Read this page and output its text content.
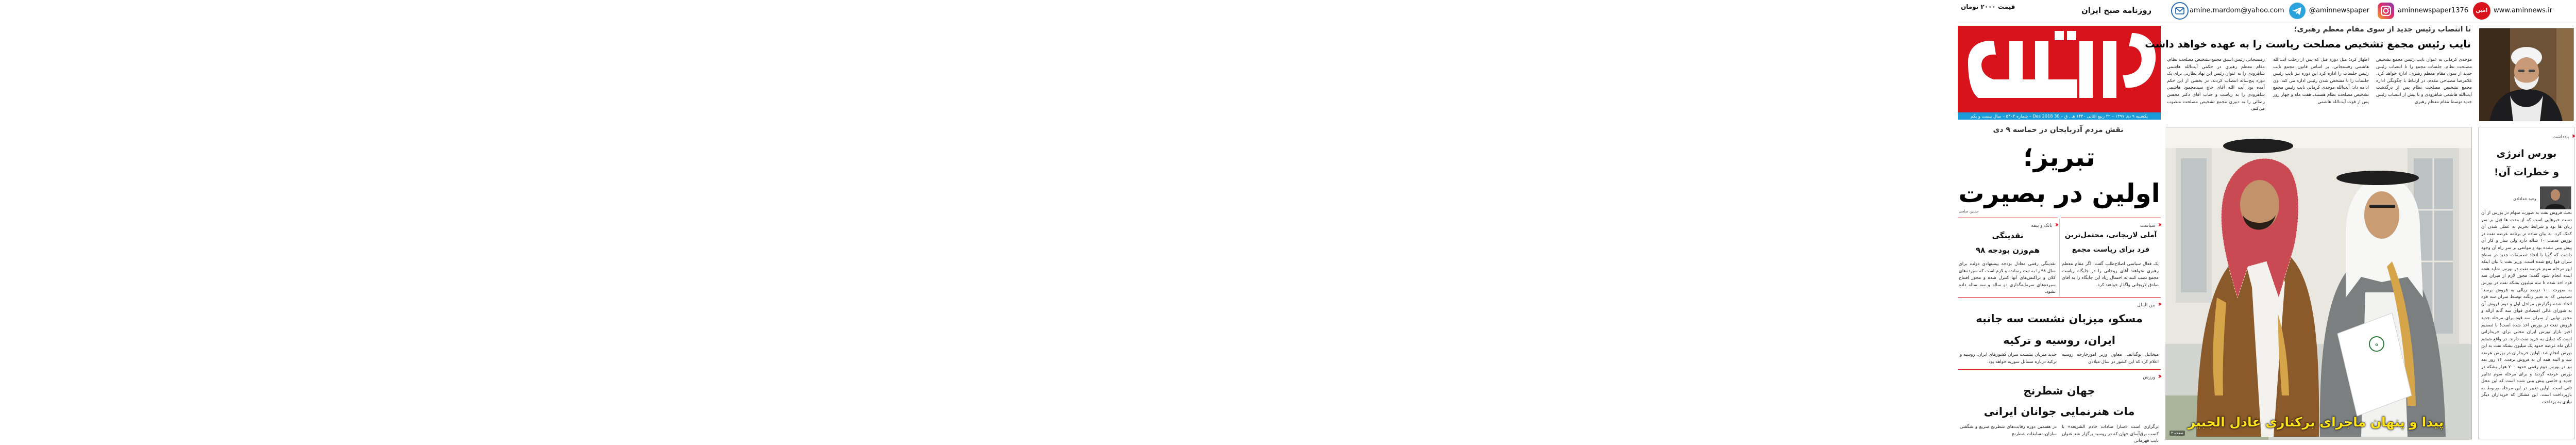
قیمت ۲۰۰۰ تومان	روزنامه صبح ایران	amine.mardom@yahoo.com	@aminnewspaper	aminnewspaper1376	امین www.aminnews.ir
یکشنبه ۹ دی ۱۳۹۷ – ۲۲ ربیع الثانی ۱۴۴۰ هـ . ق – 30 Des 2018 – شماره ۵۴۰۴ – سال بیست و یکم
تا انتصاب رئیس جدید از سوی مقام معظم رهبری؛
نایب رئیس مجمع تشخیص مصلحت ریاست را به عهده خواهد داشت
موحدی کرمانی به عنوان نایب رئیس مجمع تشخیص مصلحت نظام، جلسات مجمع را تا انتصاب رئیس جدید از سوی مقام معظم رهبری، اداره خواهد کرد. غلامرضا مصباحی مقدم، در ارتباط با چگونگی اداره مجمع تشخیص مصلحت نظام پس از درگذشت آیت‌الله هاشمی شاهرودی و تا پیش از انتصاب رئیس جدید توسط مقام معظم رهبری
اظهار کرد: مثل دوره قبل که پس از رحلت آیت‌الله هاشمی رفسنجانی، بر اساس قانون مجمع نایب رئیس جلسات را اداره کرد این دوره نیز نایب رئیس جلسات را تا مشخص شدن رئیس اداره می کند. وی ادامه داد: آیت‌الله موحدی کرمانی نایب رئیس مجمع تشخیص مصلحت نظام هستند. هفت ماه و چهار روز پس از فوت آیت‌الله هاشمی
رفسنجانی رئیس اسبق مجمع تشخیص مصلحت نظام، مقام معظم رهبری در حکمی آیت‌الله هاشمی شاهرودی را به عنوان رئیس این نهاد نظارتی برای یک دوره پنج‌ساله انتصاب کردند. در بخشی از این حکم آمده بود آیت الله آقای حاج سیدمحمود هاشمی شاهرودی را به ریاست و جناب آقای دکتر محسن رضائی را به دبیری مجمع تشخیص مصلحت منصوب می‌کنم.
نقش مردم آذربایجان در حماسه ۹ دی
تبریز؛
اولین در بصیرت
حسین صلحی
‹‹ سیاست
آملی لاریجانی، محتمل‌ترین
فرد برای ریاست مجمع
یک فعال سیاسی اصلاح‌طلب گفت: اگر مقام معظم رهبری نخواهند آقای روحانی را در جایگاه ریاست مجمع نصب کنند به احتمال زیاد این جایگاه را به آقای صادق لاریجانی واگذار خواهند کرد.
‹‹ بانک و بیمه
نقدینگی
هم‌وزن بودجه ۹۸
نقدینگی رقمی معادل بودجه پیشنهادی دولت برای سال ۹۸ را به ثبت رسانده و لازم است که سپرده‌های کلان و تراکنش‌های آنها کنترل شده و مجوز افتتاح سپرده‌های سرمایه‌گذاری دو ساله و سه ساله داده نشود.
‹‹ بین الملل
مسکو، میزبان نشست سه جانبه
ایران، روسیه و ترکیه
میخائیل بوگدانف، معاون وزیر امورخارجه روسیه اعلام کرد که این کشور در سال میلادی
جدید میزبان نشست سران کشورهای ایران، روسیه و ترکیه درباره مسائل سوریه خواهد بود.
‹‹ ورزش
جهان شطرنج
مات هنرنمایی جوانان ایرانی
برگزاری است «سارا سادات خادم الشریعه» با کسب برق‌آسای جهان که در روسیه برگزار شد عنوان نایب قهرمانی
در هفتمین دوره رقابت‌های شطرنج سریع و شگفتی سازان مسابقات شطرنج
✿
پیدا و پنهان ماجرای برکناری عادل الجبیر
صفحه ۳
‹‹ یادداشت
بورس انرژی
و خطرات آن!
وحید خدادادی
بحث فروش نفت به صورت سهام در بورس از آن دست خبرهایی است که از مدت ها قبل بر سر زبان ها بود و شرایط تحریم به عملی شدن آن کمک کرد. به بیان ساده تر برنامه عرضه نفت در بورس قدمت ۱۰ ساله دارد ولی ساز و کار آن پیش بینی نشده بود و موانعی بر سر راه آن وجود داشت که گویا با اتخاذ تصمیمات جدید در سطح سران قوا رفع شده است. وزیر نفت با بیان اینکه این مرحله سوم عرضه نفت در بورس شاید هفته آینده انجام شود گفت: مجوز لازم از سران سه قوه اخذ شده تا سه میلیون بشکه نفت در بورس به صورت ۱۰۰ درصد ریالی به فروش برسد! تصمیمی که به تعبیر زنگنه توسط سران سه قوه اتخاذ شده وگزارش مراحل اول و دوم فروش آن به شورای عالی اقتصادی قوای سه گانه ارائه و مجوز نهایی از سران سه قوه برای مرحله جدید فروش نفت در بورس اخذ شده است! با تصمیم اخیر بازار بورس ایران محلی برای خریدارانی است که تمایل به خرید نفت دارند. در واقع ششم آبان ماه عرضه حدود یک میلیون بشکه نفت به این بورس انجام شد. اولین خریداران در بورس عرضه شد و البته همه آن به فروش نرفت. ۱۴ روز بعد نیز در بورس دوم رقمی حدود ۷۰۰ هزار بشکه در بورس عرضه گردید و برای مرحله سوم تدابیر جدید و خاصی پیش بینی شده است که این محل تانی است. اولین تغییر در این مرحله مربوط به بازپرداخت است. این مشکل که خریداران دیگر نیازی به پرداخت
